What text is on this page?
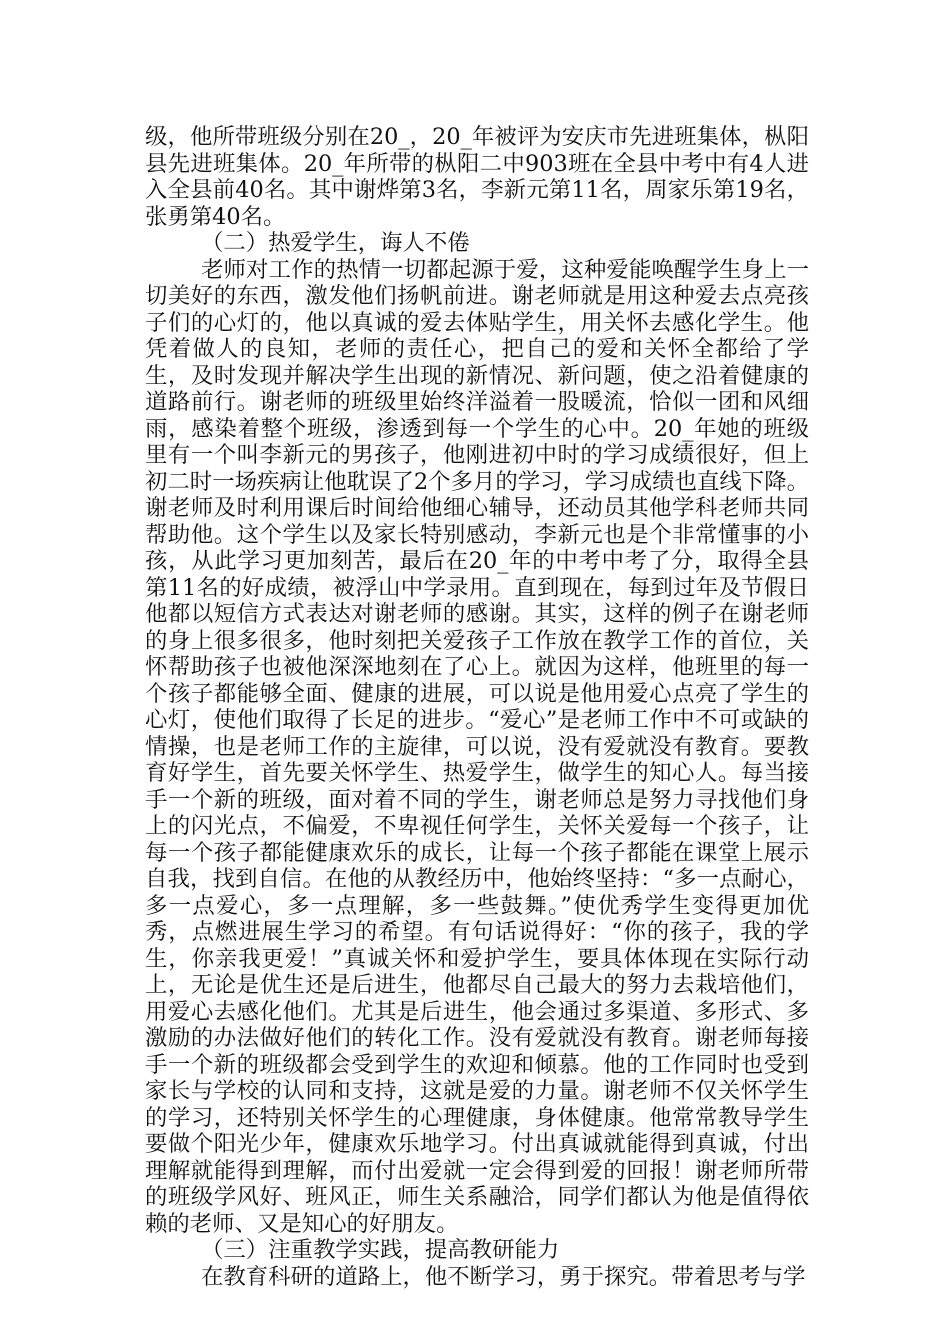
级，他所带班级分别在20_，20_年被评为安庆市先进班集体，枞阳县先进班集体。20_年所带的枞阳二中903班在全县中考中有4人进入全县前40名。其中谢烨第3名，李新元第11名，周家乐第19名，张勇第40名。

（二）热爱学生，诲人不倦

老师对工作的热情一切都起源于爱，这种爱能唤醒学生身上一切美好的东西，激发他们扬帆前进。谢老师就是用这种爱去点亮孩子们的心灯的，他以真诚的爱去体贴学生，用关怀去感化学生。他凭着做人的良知，老师的责任心，把自己的爱和关怀全都给了学生，及时发现并解决学生出现的新情况、新问题，使之沿着健康的道路前行。谢老师的班级里始终洋溢着一股暖流，恰似一团和风细雨，感染着整个班级，渗透到每一个学生的心中。20_年她的班级里有一个叫李新元的男孩子，他刚进初中时的学习成绩很好，但上初二时一场疾病让他耽误了2个多月的学习，学习成绩也直线下降。谢老师及时利用课后时间给他细心辅导，还动员其他学科老师共同帮助他。这个学生以及家长特别感动，李新元也是个非常懂事的小孩，从此学习更加刻苦，最后在20_年的中考中考了分，取得全县第11名的好成绩，被浮山中学录用。直到现在，每到过年及节假日他都以短信方式表达对谢老师的感谢。其实，这样的例子在谢老师的身上很多很多，他时刻把关爱孩子工作放在教学工作的首位，关怀帮助孩子也被他深深地刻在了心上。就因为这样，他班里的每一个孩子都能够全面、健康的进展，可以说是他用爱心点亮了学生的心灯，使他们取得了长足的进步。“爱心”是老师工作中不可或缺的情操，也是老师工作的主旋律，可以说，没有爱就没有教育。要教育好学生，首先要关怀学生、热爱学生，做学生的知心人。每当接手一个新的班级，面对着不同的学生，谢老师总是努力寻找他们身上的闪光点，不偏爱，不卑视任何学生，关怀关爱每一个孩子，让每一个孩子都能健康欢乐的成长，让每一个孩子都能在课堂上展示自我，找到自信。在他的从教经历中，他始终坚持：“多一点耐心，多一点爱心，多一点理解，多一些鼓舞。”使优秀学生变得更加优秀，点燃进展生学习的希望。有句话说得好：“你的孩子，我的学生，你亲我更爱！”真诚关怀和爱护学生，要具体体现在实际行动上，无论是优生还是后进生，他都尽自己最大的努力去栽培他们，用爱心去感化他们。尤其是后进生，他会通过多渠道、多形式、多激励的办法做好他们的转化工作。没有爱就没有教育。谢老师每接手一个新的班级都会受到学生的欢迎和倾慕。他的工作同时也受到家长与学校的认同和支持，这就是爱的力量。谢老师不仅关怀学生的学习，还特别关怀学生的心理健康，身体健康。他常常教导学生要做个阳光少年，健康欢乐地学习。付出真诚就能得到真诚，付出理解就能得到理解，而付出爱就一定会得到爱的回报！谢老师所带的班级学风好、班风正，师生关系融洽，同学们都认为他是值得依赖的老师、又是知心的好朋友。

（三）注重教学实践，提高教研能力

在教育科研的道路上，他不断学习，勇于探究。带着思考与学
